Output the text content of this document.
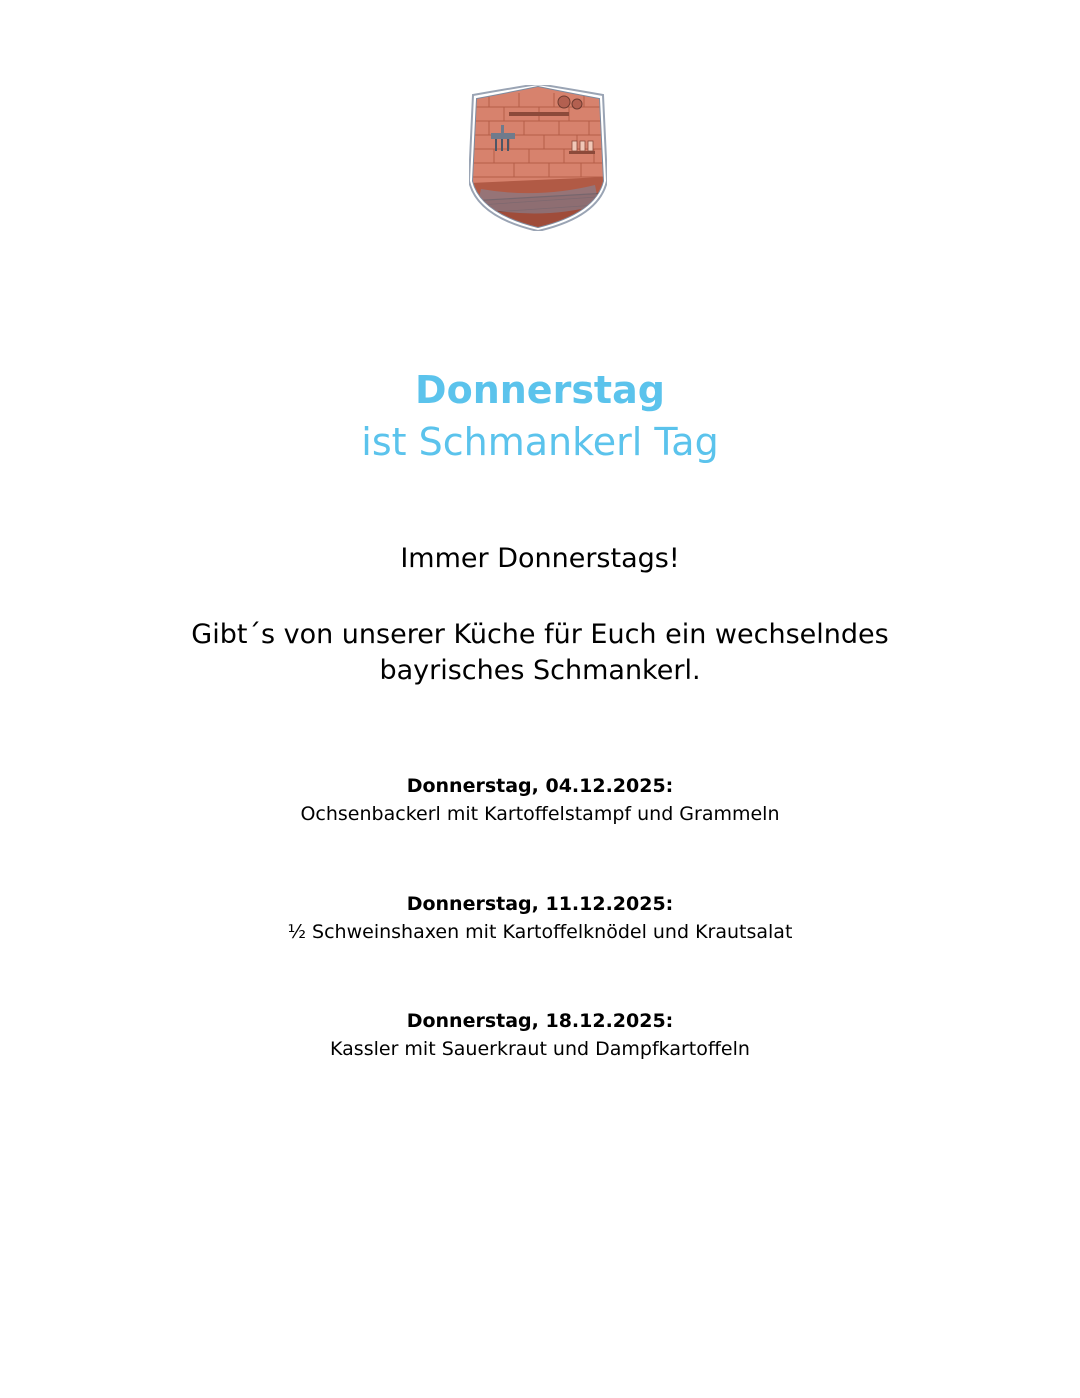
Donnerstag
ist Schmankerl Tag
Immer Donnerstags!
Gibt´s von unserer Küche für Euch ein wechselndes
bayrisches Schmankerl.
Donnerstag, 04.12.2025:
Ochsenbackerl mit Kartoffelstampf und Grammeln
Donnerstag, 11.12.2025:
½ Schweinshaxen mit Kartoffelknödel und Krautsalat
Donnerstag, 18.12.2025:
Kassler mit Sauerkraut und Dampfkartoffeln
